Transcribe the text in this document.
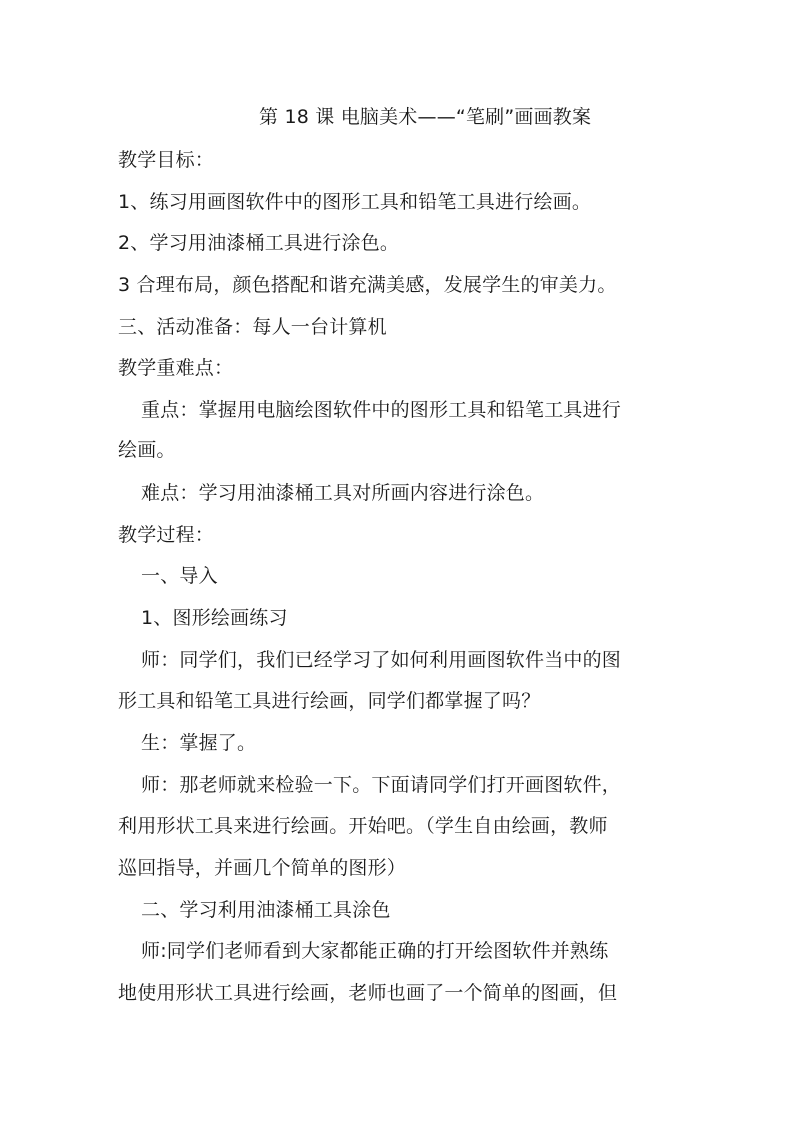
第 18 课 电脑美术——“笔刷”画画教案
教学目标：
1、练习用画图软件中的图形工具和铅笔工具进行绘画。
2、学习用油漆桶工具进行涂色。
3 合理布局，颜色搭配和谐充满美感，发展学生的审美力。
三、活动准备：每人一台计算机
教学重难点：
重点：掌握用电脑绘图软件中的图形工具和铅笔工具进行
绘画。
难点：学习用油漆桶工具对所画内容进行涂色。
教学过程：
一、导入
1、图形绘画练习
师：同学们，我们已经学习了如何利用画图软件当中的图
形工具和铅笔工具进行绘画，同学们都掌握了吗？
生：掌握了。
师：那老师就来检验一下。下面请同学们打开画图软件，
利用形状工具来进行绘画。开始吧。（学生自由绘画，教师
巡回指导，并画几个简单的图形）
二、学习利用油漆桶工具涂色
师:同学们老师看到大家都能正确的打开绘图软件并熟练
地使用形状工具进行绘画，老师也画了一个简单的图画，但
